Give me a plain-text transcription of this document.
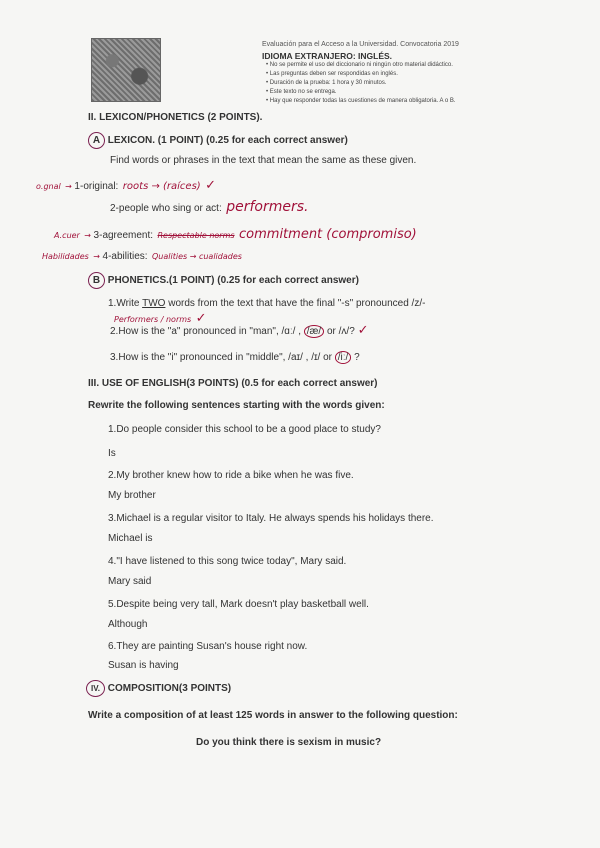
Evaluación para el Acceso a la Universidad. Convocatoria 2019
IDIOMA EXTRANJERO: INGLÉS.
• No se permite el uso del diccionario ni ningún otro material didáctico.
• Las preguntas deben ser respondidas en inglés.
• Duración de la prueba: 1 hora y 30 minutos.
• Este texto no se entrega.
• Hay que responder todas las cuestiones de manera obligatoria. A o B.
II. LEXICON/PHONETICS (2 POINTS).
A LEXICON. (1 POINT) (0.25 for each correct answer)
Find words or phrases in the text that mean the same as these given.
o.gnal → 1-original: roots → (raíces) ✓
2-people who sing or act: performers.
A.cuer → 3-agreement: Respectable norms commitment (compromiso)
Habilidades → 4-abilities: Qualities → cualidades
B PHONETICS.(1 POINT) (0.25 for each correct answer)
1.Write TWO words from the text that have the final "-s" pronounced /z/-
Performers / norms ✓
2.How is the "a" pronounced in "man", /ɑː/ , /æ/ or /ʌ/? ✓
3.How is the "i" pronounced in "middle", /aɪ/ , /ɪ/ or /iː/ ?
III. USE OF ENGLISH(3 POINTS) (0.5 for each correct answer)
Rewrite the following sentences starting with the words given:
1.Do people consider this school to be a good place to study?
Is
2.My brother knew how to ride a bike when he was five.
My brother
3.Michael is a regular visitor to Italy. He always spends his holidays there.
Michael is
4."I have listened to this song twice today", Mary said.
Mary said
5.Despite being very tall, Mark doesn't play basketball well.
Although
6.They are painting Susan's house right now.
Susan is having
IV. COMPOSITION(3 POINTS)
Write a composition of at least 125 words in answer to the following question:
Do you think there is sexism in music?
